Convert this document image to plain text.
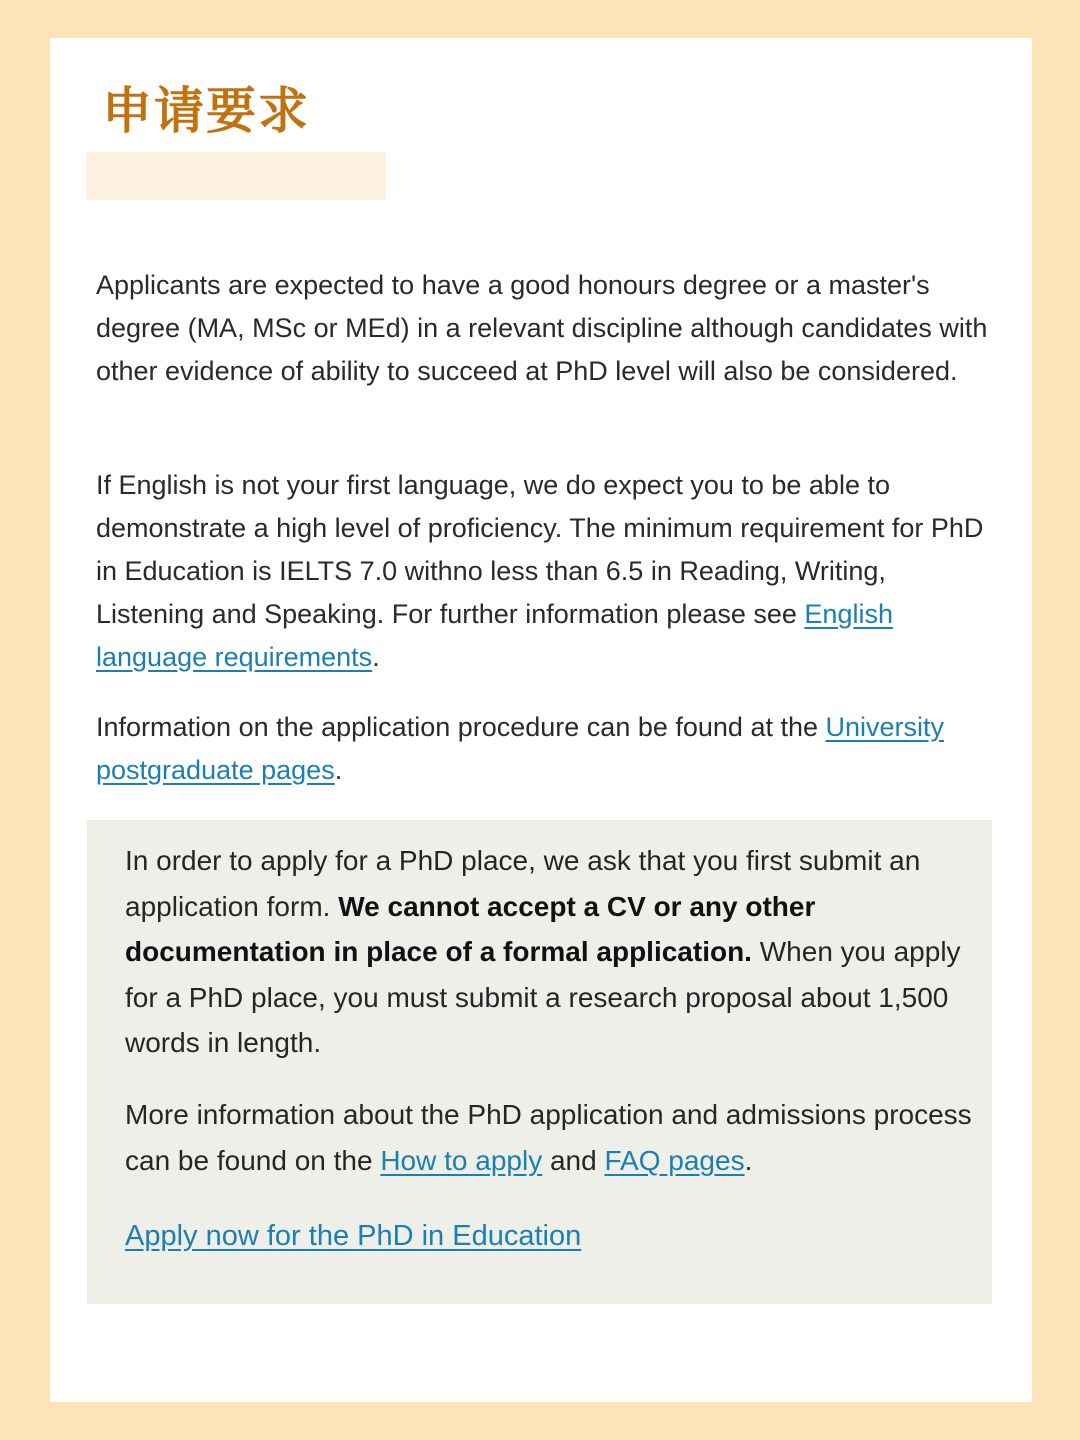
申请要求

Applicants are expected to have a good honours degree or a master's degree (MA, MSc or MEd) in a relevant discipline although candidates with other evidence of ability to succeed at PhD level will also be considered.

If English is not your first language, we do expect you to be able to demonstrate a high level of proficiency. The minimum requirement for PhD in Education is IELTS 7.0 withno less than 6.5 in Reading, Writing, Listening and Speaking. For further information please see English language requirements.

Information on the application procedure can be found at the University postgraduate pages.

In order to apply for a PhD place, we ask that you first submit an application form. We cannot accept a CV or any other documentation in place of a formal application. When you apply for a PhD place, you must submit a research proposal about 1,500 words in length.

More information about the PhD application and admissions process can be found on the How to apply and FAQ pages.

Apply now for the PhD in Education
